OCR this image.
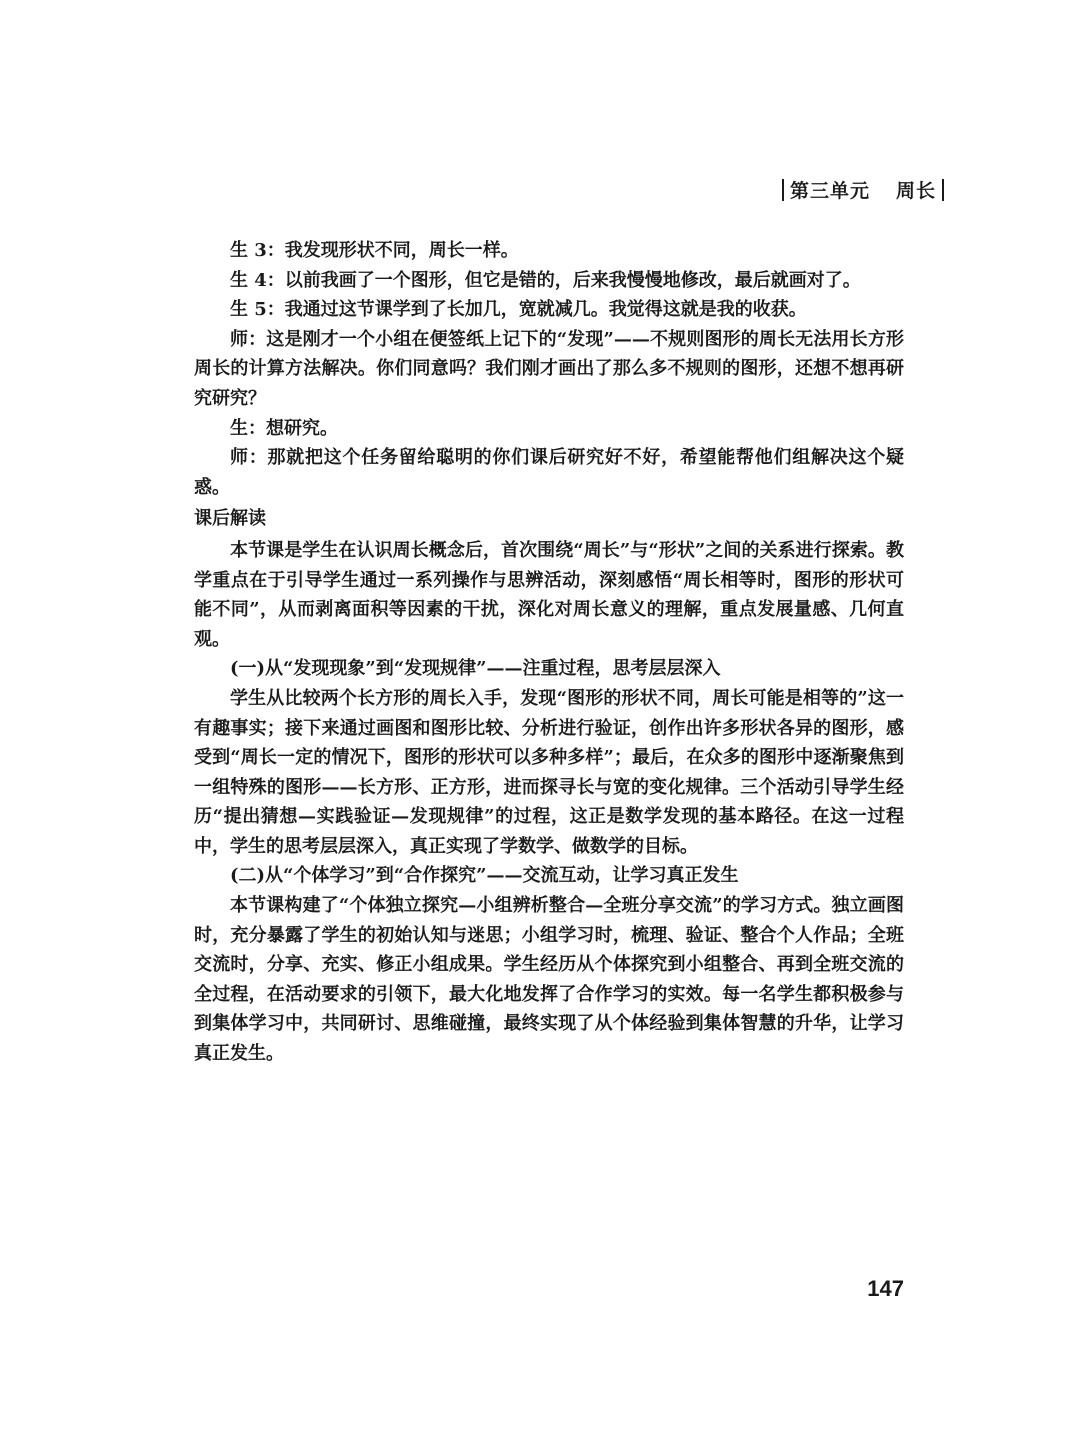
第三单元 周长

生 3：我发现形状不同，周长一样。

生 4：以前我画了一个图形，但它是错的，后来我慢慢地修改，最后就画对了。

生 5：我通过这节课学到了长加几，宽就减几。我觉得这就是我的收获。

师：这是刚才一个小组在便签纸上记下的“发现”——不规则图形的周长无法用长方形周长的计算方法解决。你们同意吗？我们刚才画出了那么多不规则的图形，还想不想再研究研究？

生：想研究。

师：那就把这个任务留给聪明的你们课后研究好不好，希望能帮他们组解决这个疑惑。

课后解读

本节课是学生在认识周长概念后，首次围绕“周长”与“形状”之间的关系进行探索。教学重点在于引导学生通过一系列操作与思辨活动，深刻感悟“周长相等时，图形的形状可能不同”，从而剥离面积等因素的干扰，深化对周长意义的理解，重点发展量感、几何直观。

(一)从“发现现象”到“发现规律”——注重过程，思考层层深入

学生从比较两个长方形的周长入手，发现“图形的形状不同，周长可能是相等的”这一有趣事实；接下来通过画图和图形比较、分析进行验证，创作出许多形状各异的图形，感受到“周长一定的情况下，图形的形状可以多种多样”；最后，在众多的图形中逐渐聚焦到一组特殊的图形——长方形、正方形，进而探寻长与宽的变化规律。三个活动引导学生经历“提出猜想—实践验证—发现规律”的过程，这正是数学发现的基本路径。在这一过程中，学生的思考层层深入，真正实现了学数学、做数学的目标。

(二)从“个体学习”到“合作探究”——交流互动，让学习真正发生

本节课构建了“个体独立探究—小组辨析整合—全班分享交流”的学习方式。独立画图时，充分暴露了学生的初始认知与迷思；小组学习时，梳理、验证、整合个人作品；全班交流时，分享、充实、修正小组成果。学生经历从个体探究到小组整合、再到全班交流的全过程，在活动要求的引领下，最大化地发挥了合作学习的实效。每一名学生都积极参与到集体学习中，共同研讨、思维碰撞，最终实现了从个体经验到集体智慧的升华，让学习真正发生。

147
